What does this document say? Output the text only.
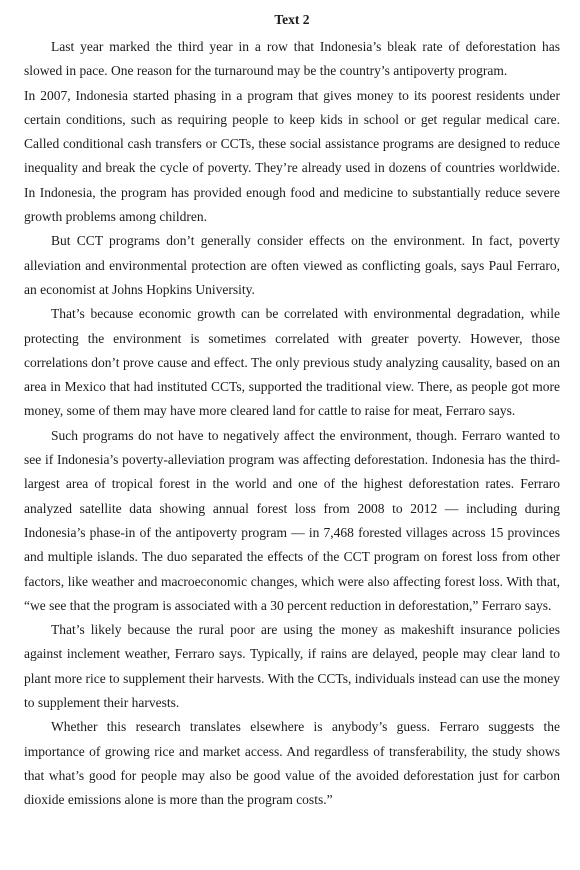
Text 2

Last year marked the third year in a row that Indonesia’s bleak rate of deforestation has slowed in pace. One reason for the turnaround may be the country’s antipoverty program.

In 2007, Indonesia started phasing in a program that gives money to its poorest residents under certain conditions, such as requiring people to keep kids in school or get regular medical care. Called conditional cash transfers or CCTs, these social assistance programs are designed to reduce inequality and break the cycle of poverty. They’re already used in dozens of countries worldwide. In Indonesia, the program has provided enough food and medicine to substantially reduce severe growth problems among children.

But CCT programs don’t generally consider effects on the environment. In fact, poverty alleviation and environmental protection are often viewed as conflicting goals, says Paul Ferraro, an economist at Johns Hopkins University.

That’s because economic growth can be correlated with environmental degradation, while protecting the environment is sometimes correlated with greater poverty. However, those correlations don’t prove cause and effect. The only previous study analyzing causality, based on an area in Mexico that had instituted CCTs, supported the traditional view. There, as people got more money, some of them may have more cleared land for cattle to raise for meat, Ferraro says.

Such programs do not have to negatively affect the environment, though. Ferraro wanted to see if Indonesia’s poverty-alleviation program was affecting deforestation. Indonesia has the third-largest area of tropical forest in the world and one of the highest deforestation rates. Ferraro analyzed satellite data showing annual forest loss from 2008 to 2012 — including during Indonesia’s phase-in of the antipoverty program — in 7,468 forested villages across 15 provinces and multiple islands. The duo separated the effects of the CCT program on forest loss from other factors, like weather and macroeconomic changes, which were also affecting forest loss. With that, “we see that the program is associated with a 30 percent reduction in deforestation,” Ferraro says.

That’s likely because the rural poor are using the money as makeshift insurance policies against inclement weather, Ferraro says. Typically, if rains are delayed, people may clear land to plant more rice to supplement their harvests. With the CCTs, individuals instead can use the money to supplement their harvests.

Whether this research translates elsewhere is anybody’s guess. Ferraro suggests the importance of growing rice and market access. And regardless of transferability, the study shows that what’s good for people may also be good value of the avoided deforestation just for carbon dioxide emissions alone is more than the program costs.”
